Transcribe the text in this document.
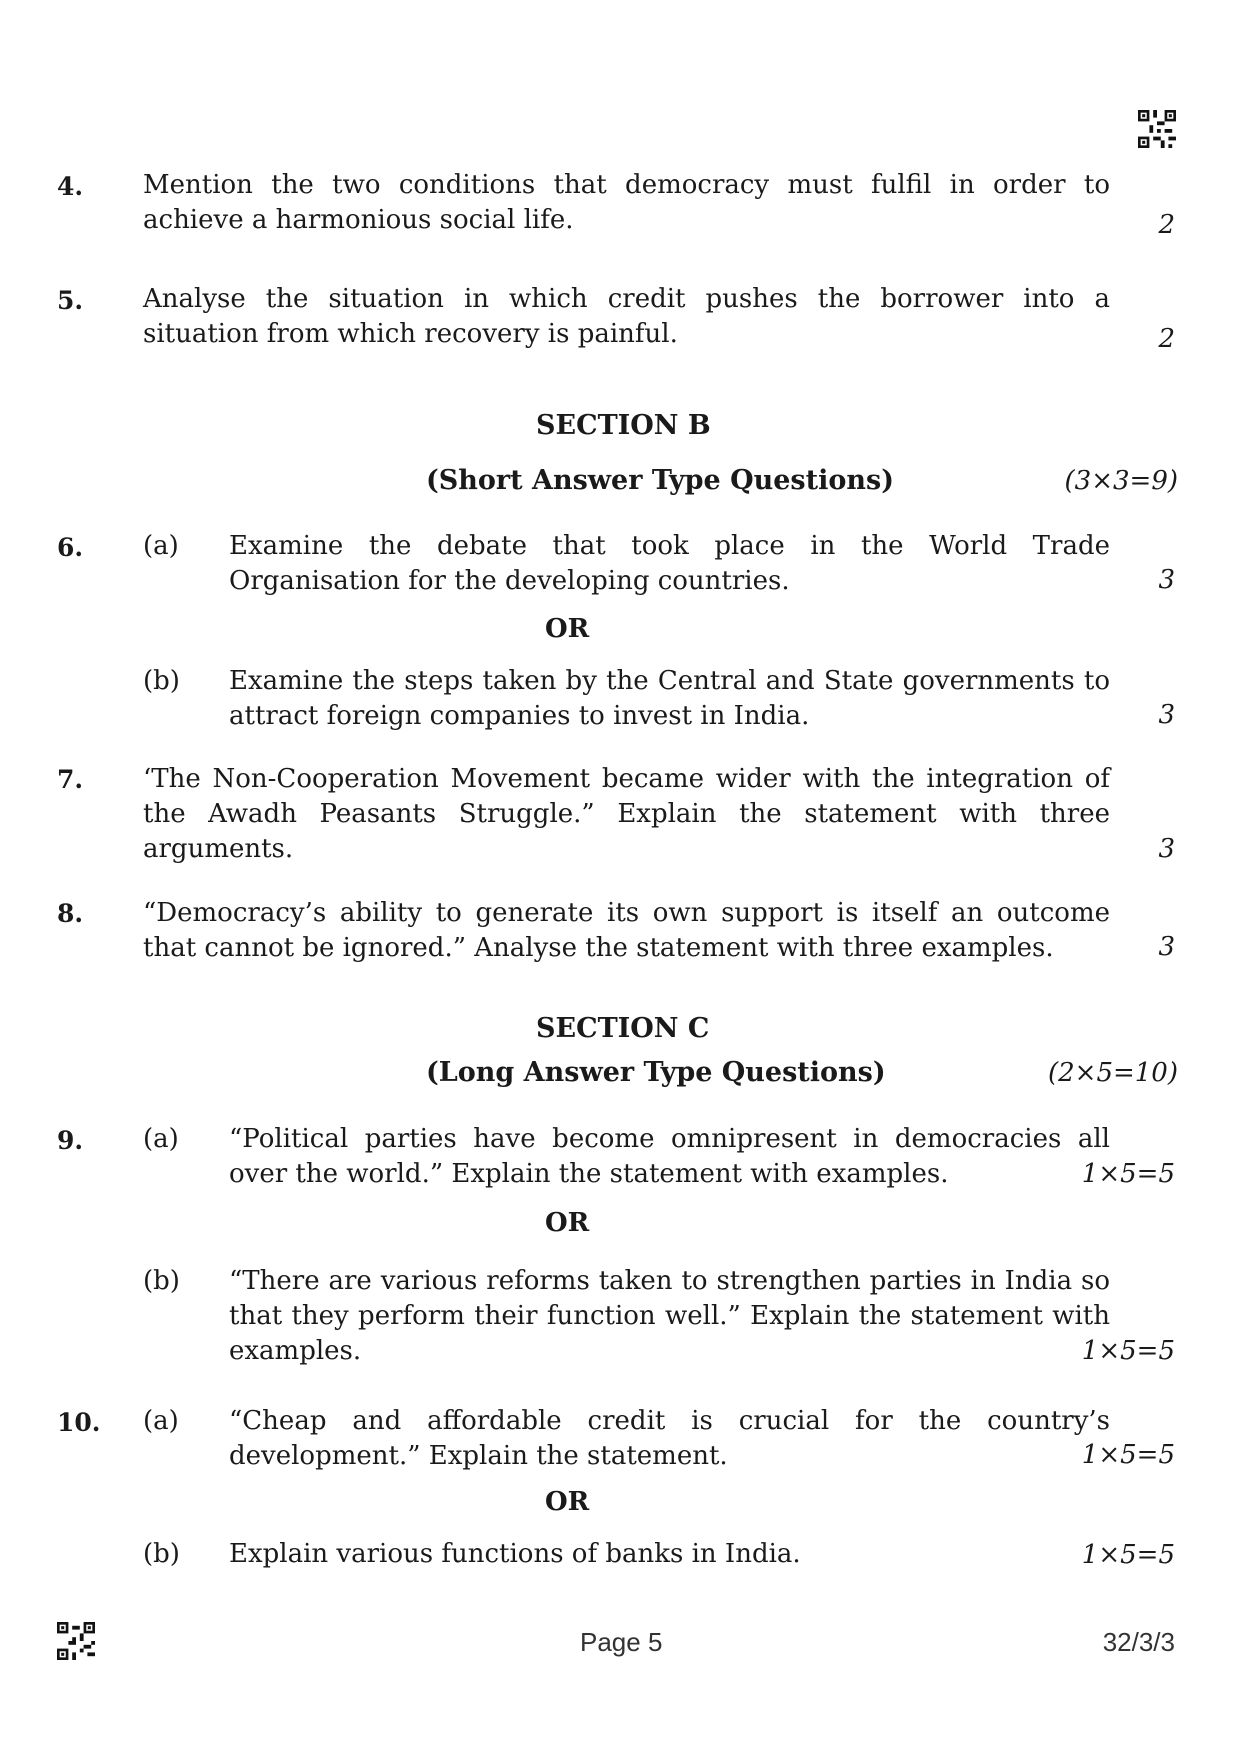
4. Mention the two conditions that democracy must fulfil in order to achieve a harmonious social life.	2
5. Analyse the situation in which credit pushes the borrower into a situation from which recovery is painful.	2
SECTION B
(Short Answer Type Questions)	(3×3=9)
6. (a) Examine the debate that took place in the World Trade Organisation for the developing countries.	3
OR
(b) Examine the steps taken by the Central and State governments to attract foreign companies to invest in India.	3
7. ‘The Non-Cooperation Movement became wider with the integration of the Awadh Peasants Struggle.” Explain the statement with three arguments.	3
8. “Democracy’s ability to generate its own support is itself an outcome that cannot be ignored.” Analyse the statement with three examples.	3
SECTION C
(Long Answer Type Questions)	(2×5=10)
9. (a) “Political parties have become omnipresent in democracies all over the world.” Explain the statement with examples.	1×5=5
OR
(b) “There are various reforms taken to strengthen parties in India so that they perform their function well.” Explain the statement with examples.	1×5=5
10. (a) “Cheap and affordable credit is crucial for the country’s development.” Explain the statement.	1×5=5
OR
(b) Explain various functions of banks in India.	1×5=5
Page 5	32/3/3
